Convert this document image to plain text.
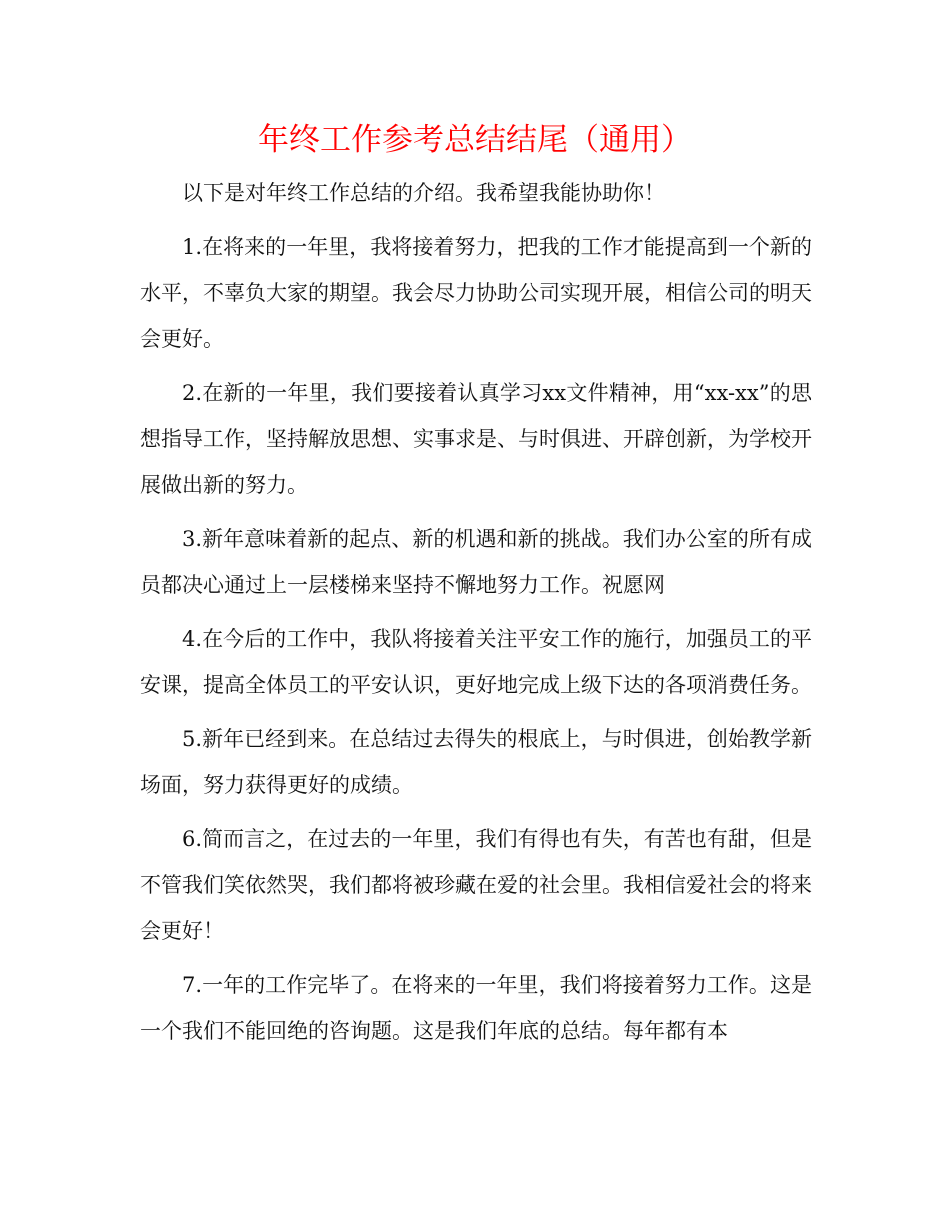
年终工作参考总结结尾（通用）

以下是对年终工作总结的介绍。我希望我能协助你！

1.在将来的一年里，我将接着努力，把我的工作才能提高到一个新的水平，不辜负大家的期望。我会尽力协助公司实现开展，相信公司的明天会更好。

2.在新的一年里，我们要接着认真学习xx文件精神，用“xx-xx”的思想指导工作，坚持解放思想、实事求是、与时俱进、开辟创新，为学校开展做出新的努力。

3.新年意味着新的起点、新的机遇和新的挑战。我们办公室的所有成员都决心通过上一层楼梯来坚持不懈地努力工作。祝愿网

4.在今后的工作中，我队将接着关注平安工作的施行，加强员工的平安课，提高全体员工的平安认识，更好地完成上级下达的各项消费任务。

5.新年已经到来。在总结过去得失的根底上，与时俱进，创始教学新场面，努力获得更好的成绩。

6.简而言之，在过去的一年里，我们有得也有失，有苦也有甜，但是不管我们笑依然哭，我们都将被珍藏在爱的社会里。我相信爱社会的将来会更好！

7.一年的工作完毕了。在将来的一年里，我们将接着努力工作。这是一个我们不能回绝的咨询题。这是我们年底的总结。每年都有本
